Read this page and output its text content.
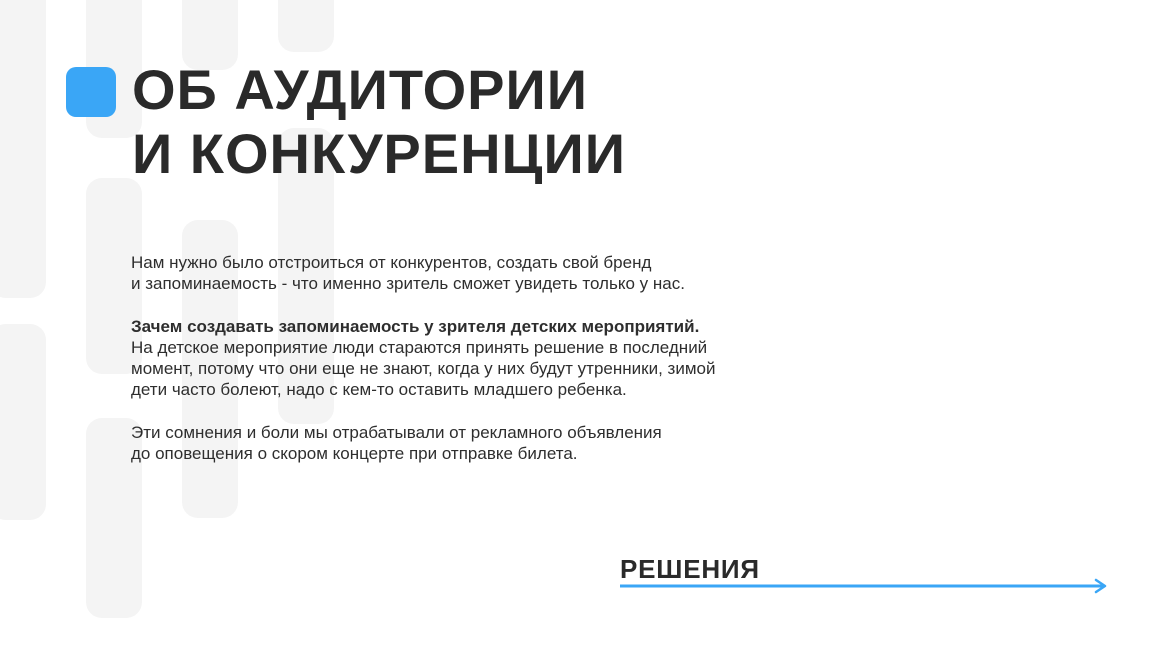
ОБ АУДИТОРИИ
И КОНКУРЕНЦИИ

Нам нужно было отстроиться от конкурентов, создать свой бренд
и запоминаемость - что именно зритель сможет увидеть только у нас.

Зачем создавать запоминаемость у зрителя детских мероприятий.
На детское мероприятие люди стараются принять решение в последний
момент, потому что они еще не знают, когда у них будут утренники, зимой
дети часто болеют, надо с кем-то оставить младшего ребенка.

Эти сомнения и боли мы отрабатывали от рекламного объявления
до оповещения о скором концерте при отправке билета.

РЕШЕНИЯ
